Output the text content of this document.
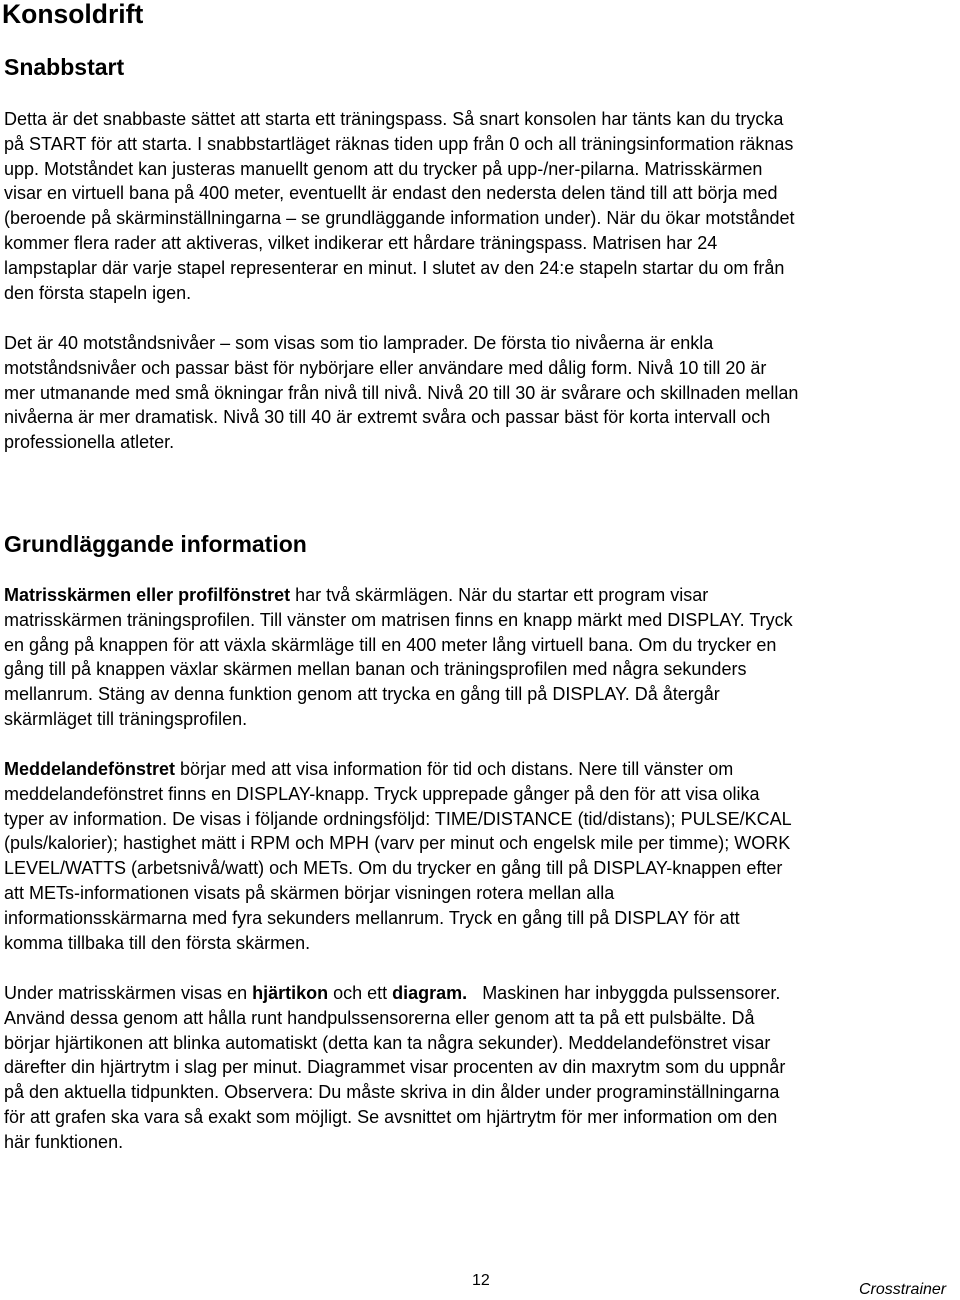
Konsoldrift
Snabbstart

Detta är det snabbaste sättet att starta ett träningspass. Så snart konsolen har tänts kan du trycka
på START för att starta. I snabbstartläget räknas tiden upp från 0 och all träningsinformation räknas
upp. Motståndet kan justeras manuellt genom att du trycker på upp-/ner-pilarna. Matrisskärmen
visar en virtuell bana på 400 meter, eventuellt är endast den nedersta delen tänd till att börja med
(beroende på skärminställningarna – se grundläggande information under). När du ökar motståndet
kommer flera rader att aktiveras, vilket indikerar ett hårdare träningspass. Matrisen har 24
lampstaplar där varje stapel representerar en minut. I slutet av den 24:e stapeln startar du om från
den första stapeln igen.

Det är 40 motståndsnivåer – som visas som tio lamprader. De första tio nivåerna är enkla
motståndsnivåer och passar bäst för nybörjare eller användare med dålig form. Nivå 10 till 20 är
mer utmanande med små ökningar från nivå till nivå. Nivå 20 till 30 är svårare och skillnaden mellan
nivåerna är mer dramatisk. Nivå 30 till 40 är extremt svåra och passar bäst för korta intervall och
professionella atleter.

Grundläggande information

Matrisskärmen eller profilfönstret har två skärmlägen. När du startar ett program visar
matrisskärmen träningsprofilen. Till vänster om matrisen finns en knapp märkt med DISPLAY. Tryck
en gång på knappen för att växla skärmläge till en 400 meter lång virtuell bana. Om du trycker en
gång till på knappen växlar skärmen mellan banan och träningsprofilen med några sekunders
mellanrum. Stäng av denna funktion genom att trycka en gång till på DISPLAY. Då återgår
skärmläget till träningsprofilen.

Meddelandefönstret börjar med att visa information för tid och distans. Nere till vänster om
meddelandefönstret finns en DISPLAY-knapp. Tryck upprepade gånger på den för att visa olika
typer av information. De visas i följande ordningsföljd: TIME/DISTANCE (tid/distans); PULSE/KCAL
(puls/kalorier); hastighet mätt i RPM och MPH (varv per minut och engelsk mile per timme); WORK
LEVEL/WATTS (arbetsnivå/watt) och METs. Om du trycker en gång till på DISPLAY-knappen efter
att METs-informationen visats på skärmen börjar visningen rotera mellan alla
informationsskärmarna med fyra sekunders mellanrum. Tryck en gång till på DISPLAY för att
komma tillbaka till den första skärmen.

Under matrisskärmen visas en hjärtikon och ett diagram.   Maskinen har inbyggda pulssensorer.
Använd dessa genom att hålla runt handpulssensorerna eller genom att ta på ett pulsbälte. Då
börjar hjärtikonen att blinka automatiskt (detta kan ta några sekunder). Meddelandefönstret visar
därefter din hjärtrytm i slag per minut. Diagrammet visar procenten av din maxrytm som du uppnår
på den aktuella tidpunkten. Observera: Du måste skriva in din ålder under programinställningarna
för att grafen ska vara så exakt som möjligt. Se avsnittet om hjärtrytm för mer information om den
här funktionen.

12
Crosstrainer
